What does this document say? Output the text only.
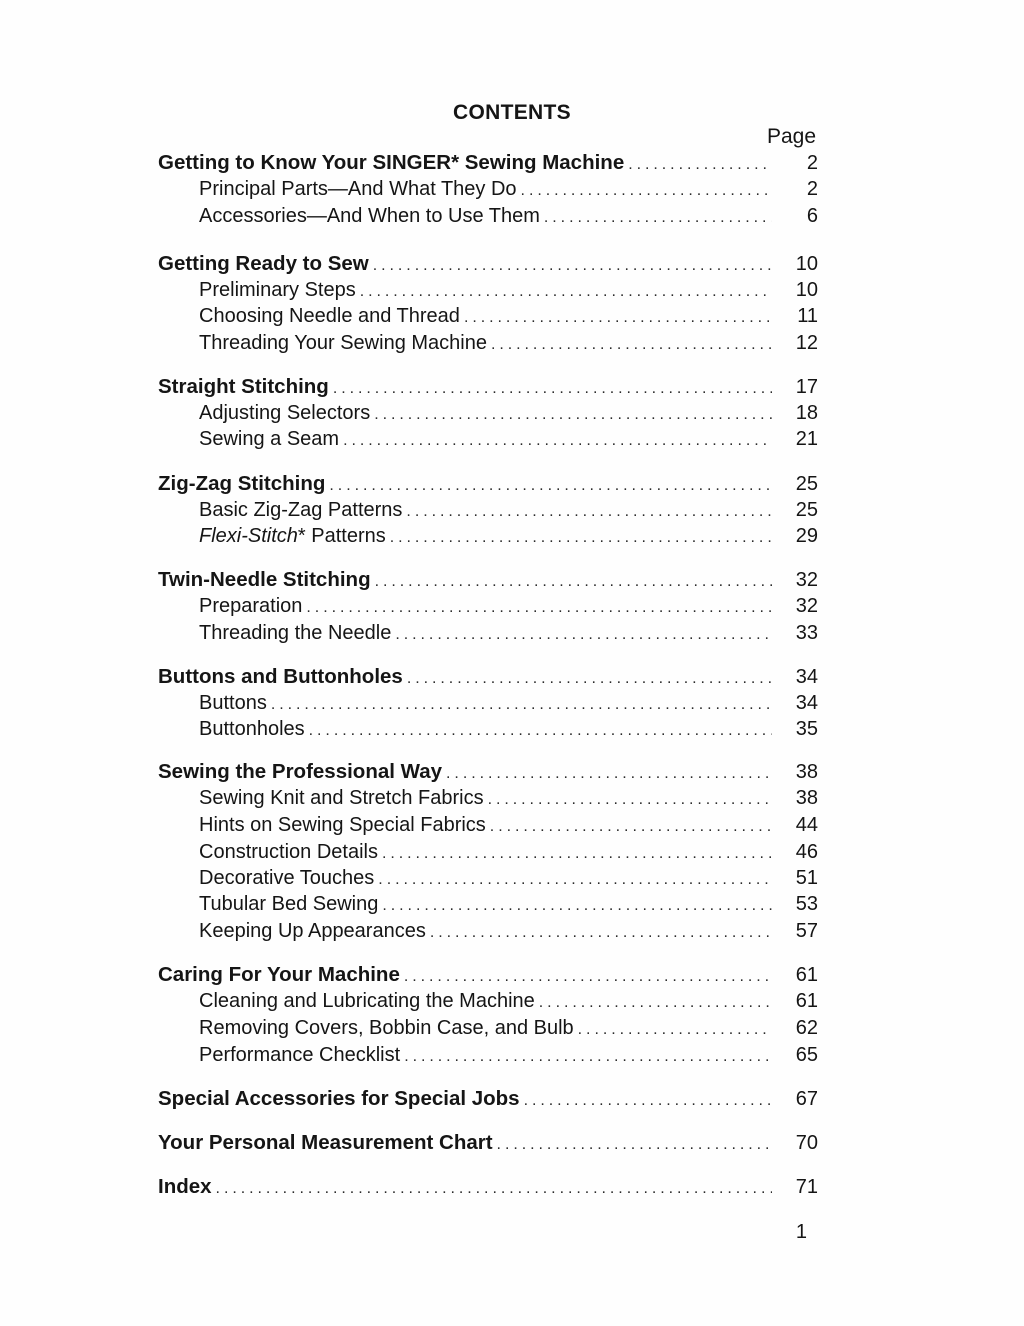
CONTENTS
Page
Getting to Know Your SINGER* Sewing Machine . . .	2
Principal Parts—And What They Do . . .	2
Accessories—And When to Use Them . . .	6
Getting Ready to Sew . . .	10
Preliminary Steps . . .	10
Choosing Needle and Thread . . .	11
Threading Your Sewing Machine . . .	12
Straight Stitching . . .	17
Adjusting Selectors . . .	18
Sewing a Seam . . .	21
Zig-Zag Stitching . . .	25
Basic Zig-Zag Patterns . . .	25
Flexi-Stitch* Patterns . . .	29
Twin-Needle Stitching . . .	32
Preparation . . .	32
Threading the Needle . . .	33
Buttons and Buttonholes . . .	34
Buttons . . .	34
Buttonholes . . .	35
Sewing the Professional Way . . .	38
Sewing Knit and Stretch Fabrics . . .	38
Hints on Sewing Special Fabrics . . .	44
Construction Details . . .	46
Decorative Touches . . .	51
Tubular Bed Sewing . . .	53
Keeping Up Appearances . . .	57
Caring For Your Machine . . .	61
Cleaning and Lubricating the Machine . . .	61
Removing Covers, Bobbin Case, and Bulb . . .	62
Performance Checklist . . .	65
Special Accessories for Special Jobs . . .	67
Your Personal Measurement Chart . . .	70
Index . . .	71
1
